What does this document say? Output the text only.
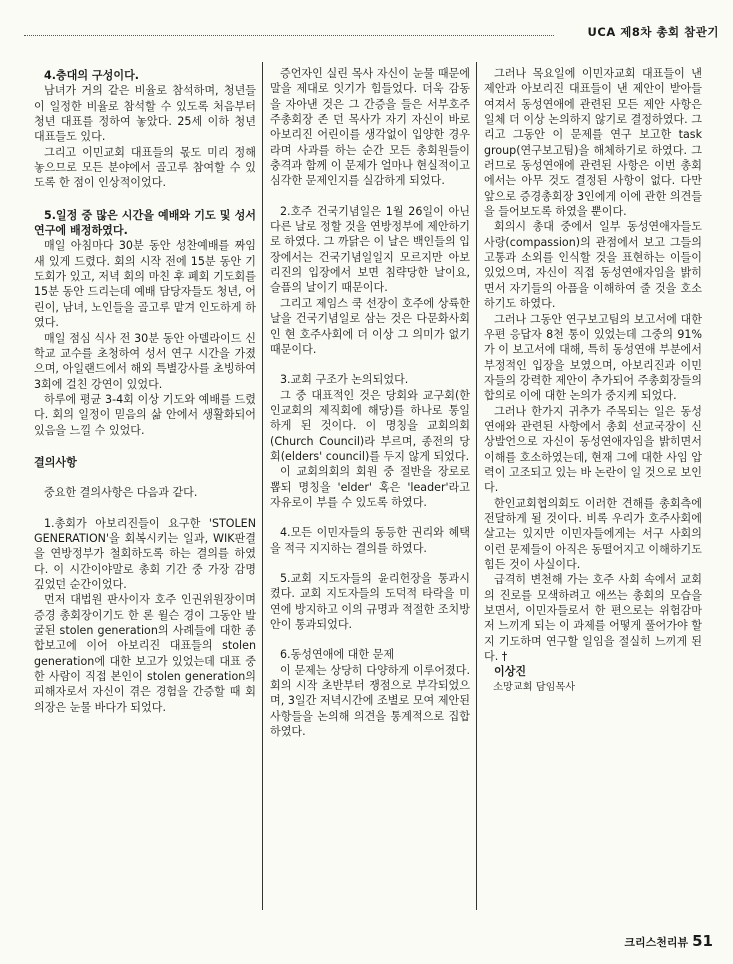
UCA 제8차 총회 참관기

4.층대의 구성이다.

남녀가 거의 같은 비율로 참석하며, 청년들이 일정한 비율로 참석할 수 있도록 처음부터 청년 대표를 정하여 놓았다. 25세 이하 청년 대표들도 있다.

그리고 이민교회 대표들의 몫도 미리 정해 놓으므로 모든 분야에서 골고루 참여할 수 있도록 한 점이 인상적이었다.

5.일정 중 많은 시간을 예배와 기도 및 성서연구에 배정하였다.

매일 아침마다 30분 동안 성찬예배를 짜임새 있게 드렸다. 회의 시작 전에 15분 동안 기도회가 있고, 저녁 회의 마친 후 폐회 기도회를 15분 동안 드리는데 예배 담당자들도 청년, 어린이, 남녀, 노인들을 골고루 맡겨 인도하게 하였다.

매일 점심 식사 전 30분 동안 아델라이드 신학교 교수를 초청하여 성서 연구 시간을 가졌으며, 아일랜드에서 해외 특별강사를 초빙하여 3회에 걸친 강연이 있었다.

하루에 평균 3-4회 이상 기도와 예배를 드렸다. 회의 일정이 믿음의 삶 안에서 생활화되어 있음을 느낄 수 있었다.

결의사항

중요한 결의사항은 다음과 같다.

1.총회가 아보리진들이 요구한 'STOLEN GENERATION'을 회복시키는 일과, WIK판결을 연방정부가 철회하도록 하는 결의를 하였다. 이 시간이야말로 총회 기간 중 가장 감명 깊었던 순간이었다.

먼저 대법원 판사이자 호주 인권위원장이며 증경 총회장이기도 한 론 윌슨 경이 그동안 발굴된 stolen generation의 사례들에 대한 종합보고에 이어 아보리진 대표들의 stolen generation에 대한 보고가 있었는데 대표 중 한 사람이 직접 본인이 stolen generation의 피해자로서 자신이 겪은 경험을 간증할 때 회의장은 눈물 바다가 되었다.

증언자인 실린 목사 자신이 눈물 때문에 말을 제대로 잇기가 힘들었다. 더욱 감동을 자아낸 것은 그 간증을 들은 서부호주 주총회장 존 던 목사가 자기 자신이 바로 아보리진 어린이를 생각없이 입양한 경우라며 사과를 하는 순간 모든 총회원들이 충격과 함께 이 문제가 얼마나 현실적이고 심각한 문제인지를 실감하게 되었다.

2.호주 건국기념일은 1월 26일이 아닌 다른 날로 정할 것을 연방정부에 제안하기로 하였다. 그 까닭은 이 날은 백인들의 입장에서는 건국기념일일지 모르지만 아보리진의 입장에서 보면 침략당한 날이요, 슬픔의 날이기 때문이다.

그리고 제임스 쿡 선장이 호주에 상륙한 날을 건국기념일로 삼는 것은 다문화사회인 현 호주사회에 더 이상 그 의미가 없기 때문이다.

3.교회 구조가 논의되었다.

그 중 대표적인 것은 당회와 교구회(한인교회의 제직회에 해당)를 하나로 통일하게 된 것이다. 이 명칭을 교회의회(Church Council)라 부르며, 종전의 당회(elders' council)를 두지 않게 되었다.

이 교회의회의 회원 중 절반을 장로로 뽑되 명칭을 'elder' 혹은 'leader'라고 자유로이 부를 수 있도록 하였다.

4.모든 이민자들의 동등한 권리와 혜택을 적극 지지하는 결의를 하였다.

5.교회 지도자들의 윤리헌장을 통과시켰다. 교회 지도자들의 도덕적 타락을 미연에 방지하고 이의 규명과 적절한 조치방안이 통과되었다.

6.동성연애에 대한 문제

이 문제는 상당히 다양하게 이루어졌다. 회의 시작 초반부터 쟁점으로 부각되었으며, 3일간 저녁시간에 조별로 모여 제안된 사항들을 논의해 의견을 통계적으로 집합하였다.

그러나 목요일에 이민자교회 대표들이 낸 제안과 아보리진 대표들이 낸 제안이 받아들여져서 동성연애에 관련된 모든 제안 사항은 일체 더 이상 논의하지 않기로 결정하였다. 그리고 그동안 이 문제를 연구 보고한 task group(연구보고팀)을 해체하기로 하였다. 그러므로 동성연애에 관련된 사항은 이번 총회에서는 아무 것도 결정된 사항이 없다. 다만 앞으로 증경총회장 3인에게 이에 관한 의견들을 들어보도록 하였을 뿐이다.

회의시 총대 중에서 일부 동성연애자들도 사랑(compassion)의 관점에서 보고 그들의 고통과 소외를 인식할 것을 표현하는 이들이 있었으며, 자신이 직접 동성연애자임을 밝히면서 자기들의 아픔을 이해하여 줄 것을 호소하기도 하였다.

그러나 그동안 연구보고팀의 보고서에 대한 우편 응답자 8천 통이 있었는데 그중의 91%가 이 보고서에 대해, 특히 동성연애 부분에서 부정적인 입장을 보였으며, 아보리진과 이민자들의 강력한 제안이 추가되어 주총회장들의 합의로 이에 대한 논의가 중지케 되었다.

그러나 한가지 귀추가 주목되는 일은 동성연애와 관련된 사항에서 총회 선교국장이 신상발언으로 자신이 동성연애자임을 밝히면서 이해를 호소하였는데, 현재 그에 대한 사임 압력이 고조되고 있는 바 논란이 일 것으로 보인다.

한인교회협의회도 이러한 견해를 총회측에 전달하게 될 것이다. 비록 우리가 호주사회에 살고는 있지만 이민자들에게는 서구 사회의 이런 문제들이 아직은 동떨어지고 이해하기도 힘든 것이 사실이다.

급격히 변천해 가는 호주 사회 속에서 교회의 진로를 모색하려고 애쓰는 총회의 모습을 보면서, 이민자들로서 한 편으로는 위험감마저 느끼게 되는 이 과제를 어떻게 풀어가야 할지 기도하며 연구할 일임을 절실히 느끼게 된다. †

이상진

소망교회 담임목사

크리스천리뷰 51
